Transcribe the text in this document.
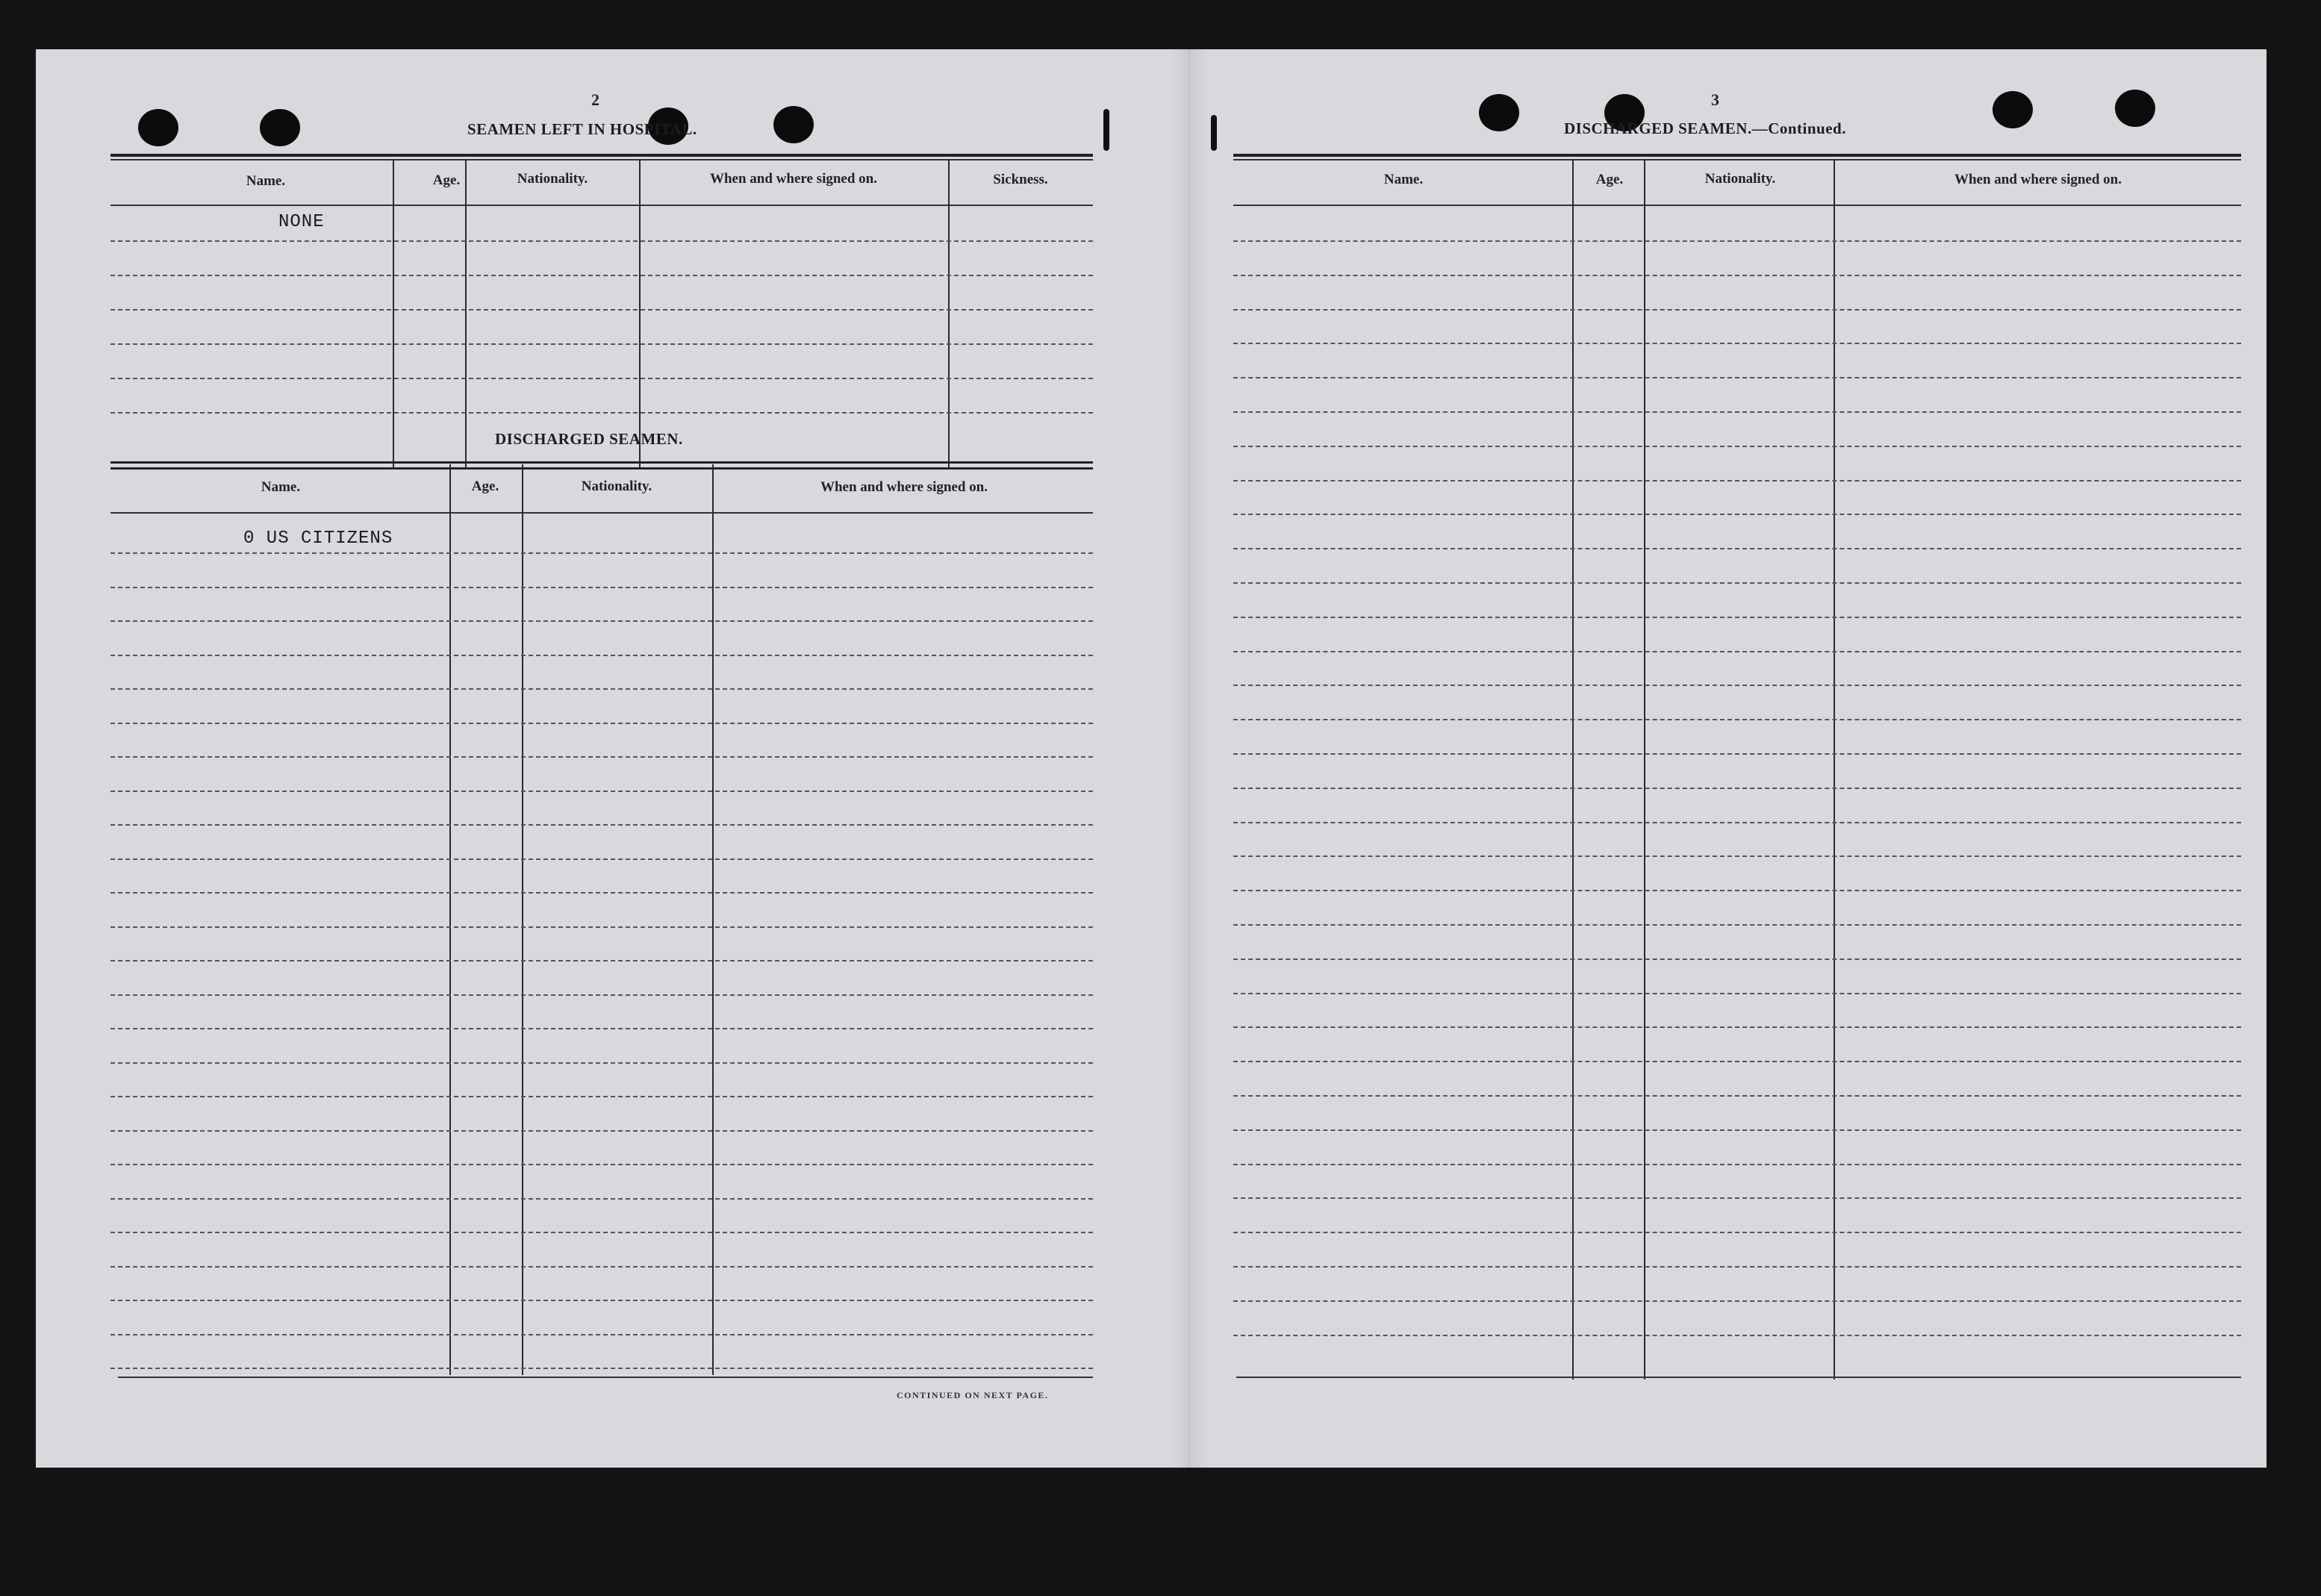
2
SEAMEN LEFT IN HOSPITAL.
Name.	Age.	Nationality.	When and where signed on.	Sickness.
NONE
DISCHARGED SEAMEN.
Name.	Age.	Nationality.	When and where signed on.
0 US CITIZENS
CONTINUED ON NEXT PAGE.
3
DISCHARGED SEAMEN.—Continued.
Name.	Age.	Nationality.	When and where signed on.
